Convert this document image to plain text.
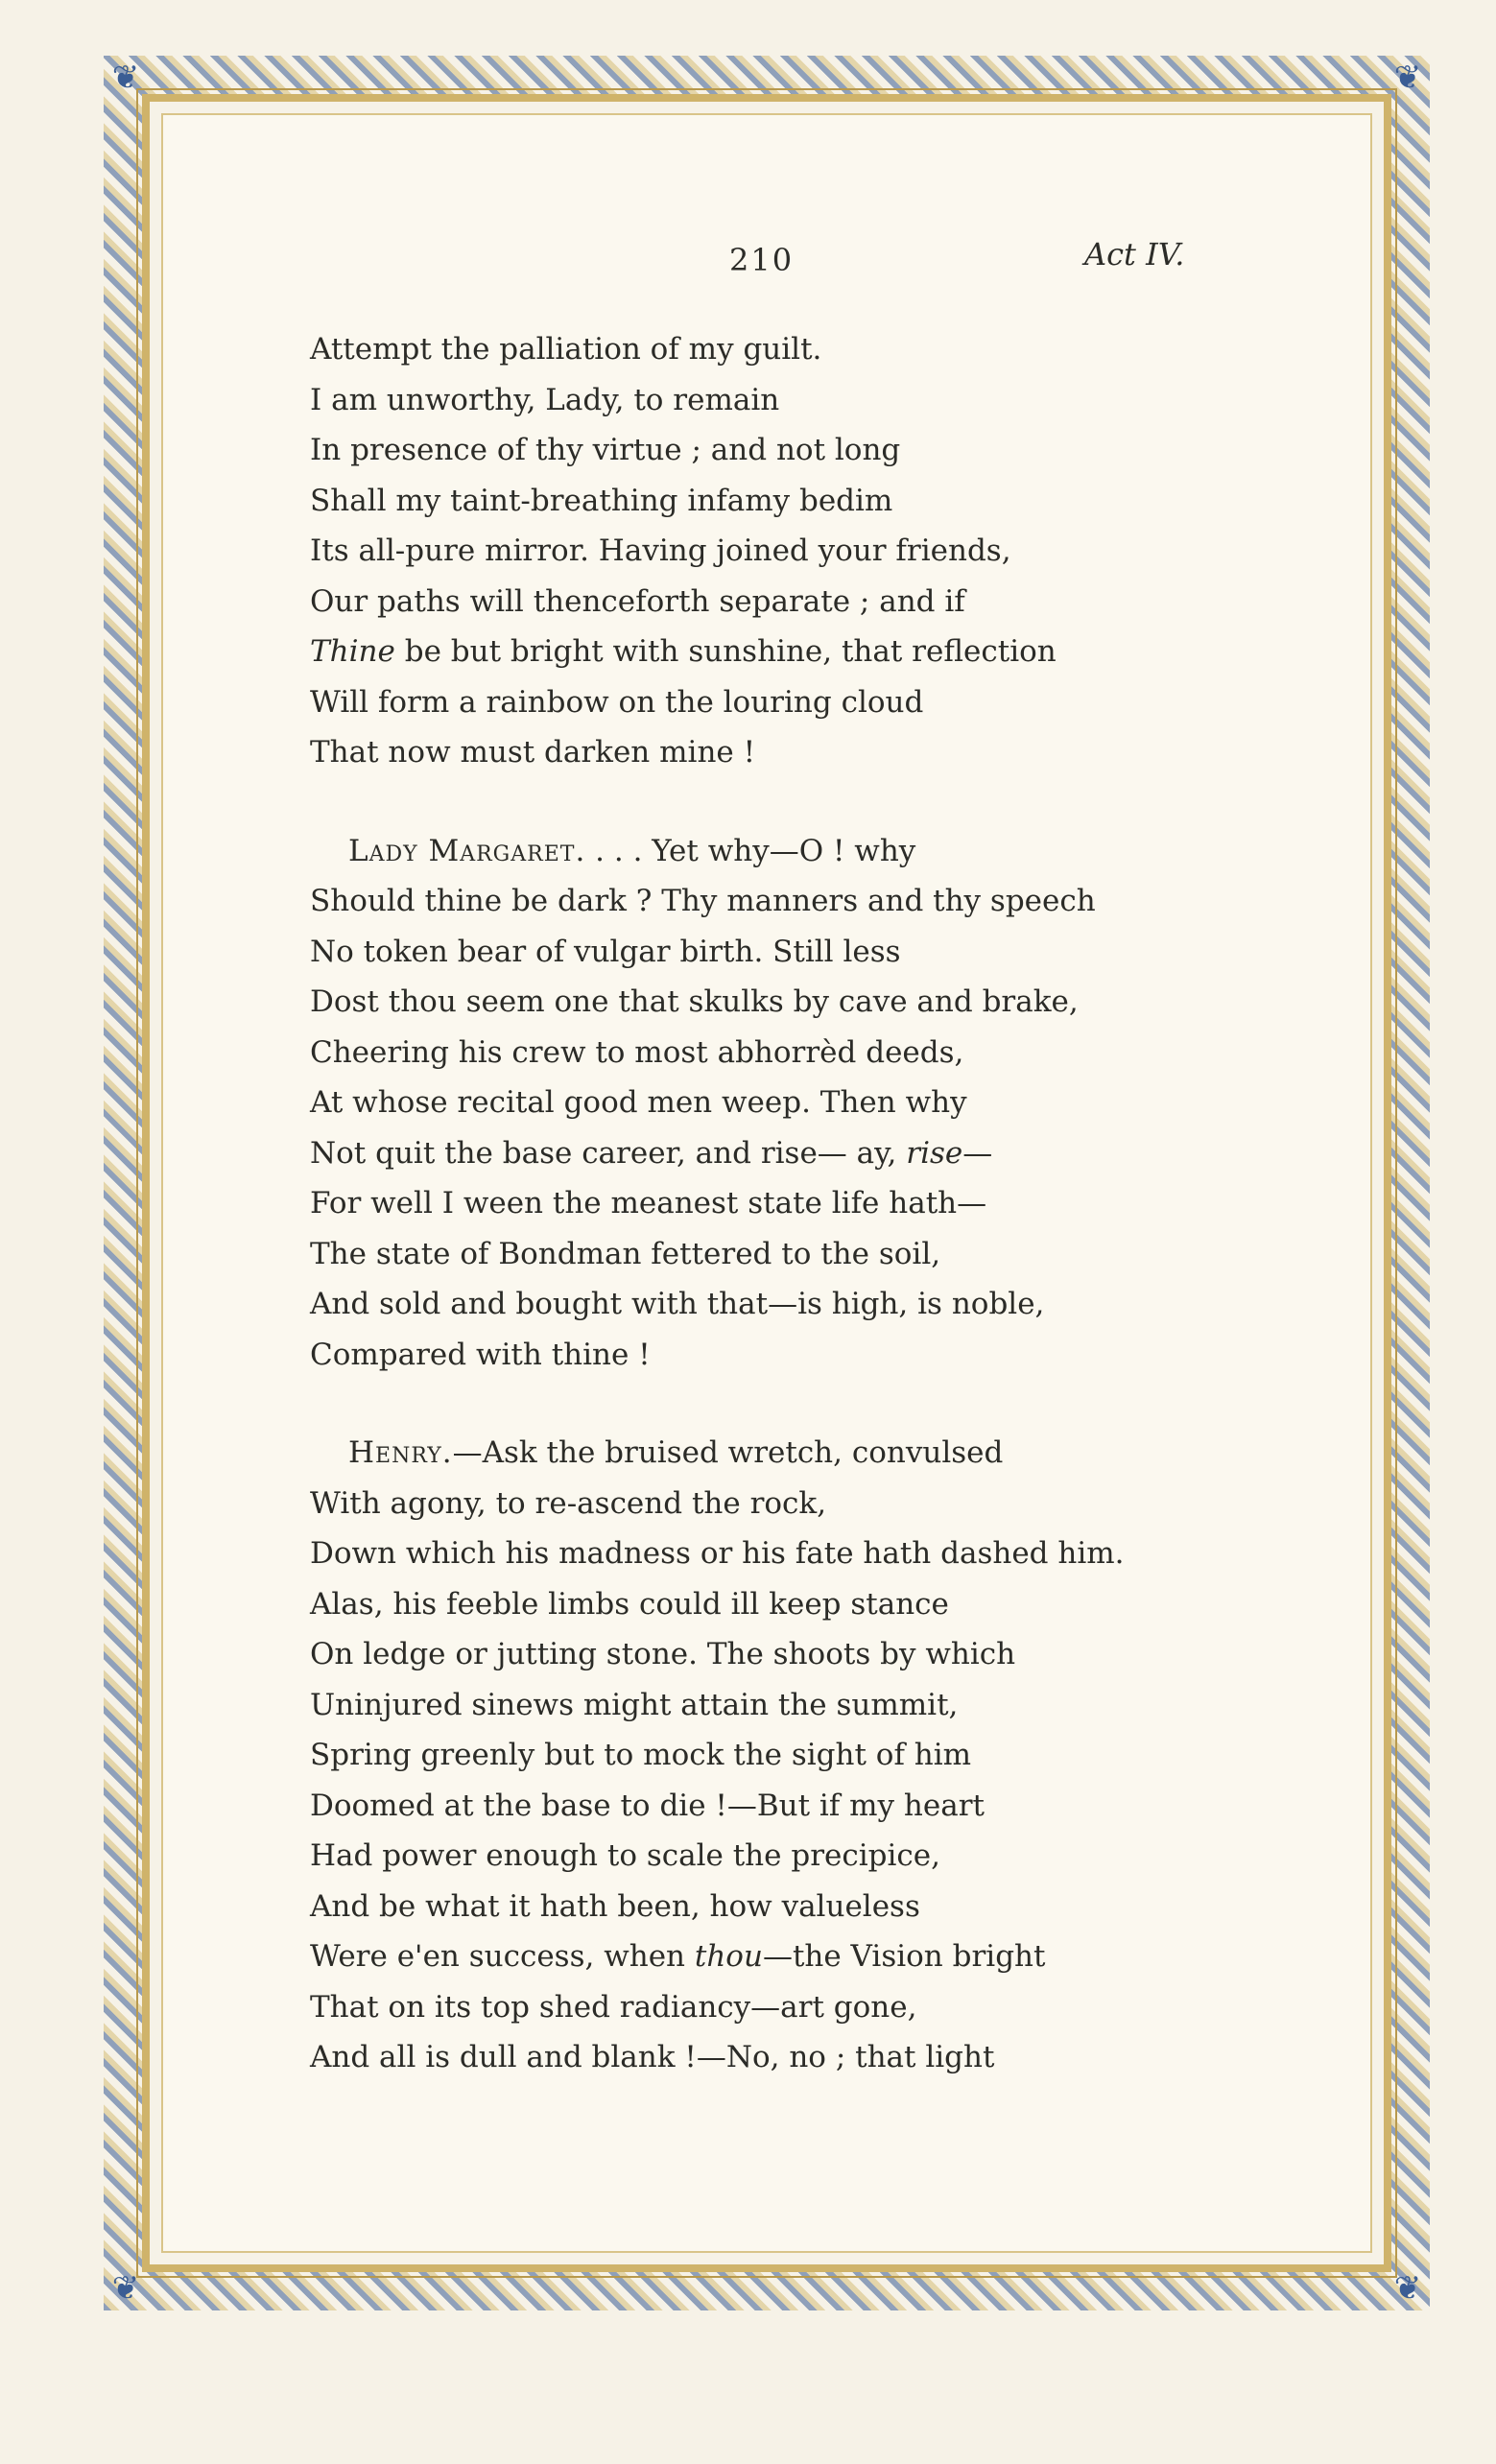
❦	❦
❦	❦
210	Act IV.
Attempt the palliation of my guilt.
I am unworthy, Lady, to remain
In presence of thy virtue ; and not long
Shall my taint-breathing infamy bedim
Its all-pure mirror. Having joined your friends,
Our paths will thenceforth separate ; and if
Thine be but bright with sunshine, that reflection
Will form a rainbow on the louring cloud
That now must darken mine !
Lady Margaret. . . . Yet why—O ! why
Should thine be dark ? Thy manners and thy speech
No token bear of vulgar birth. Still less
Dost thou seem one that skulks by cave and brake,
Cheering his crew to most abhorrèd deeds,
At whose recital good men weep. Then why
Not quit the base career, and rise— ay, rise—
For well I ween the meanest state life hath—
The state of Bondman fettered to the soil,
And sold and bought with that—is high, is noble,
Compared with thine !
Henry.—Ask the bruised wretch, convulsed
With agony, to re-ascend the rock,
Down which his madness or his fate hath dashed him.
Alas, his feeble limbs could ill keep stance
On ledge or jutting stone. The shoots by which
Uninjured sinews might attain the summit,
Spring greenly but to mock the sight of him
Doomed at the base to die !—But if my heart
Had power enough to scale the precipice,
And be what it hath been, how valueless
Were e'en success, when thou—the Vision bright
That on its top shed radiancy—art gone,
And all is dull and blank !—No, no ; that light
